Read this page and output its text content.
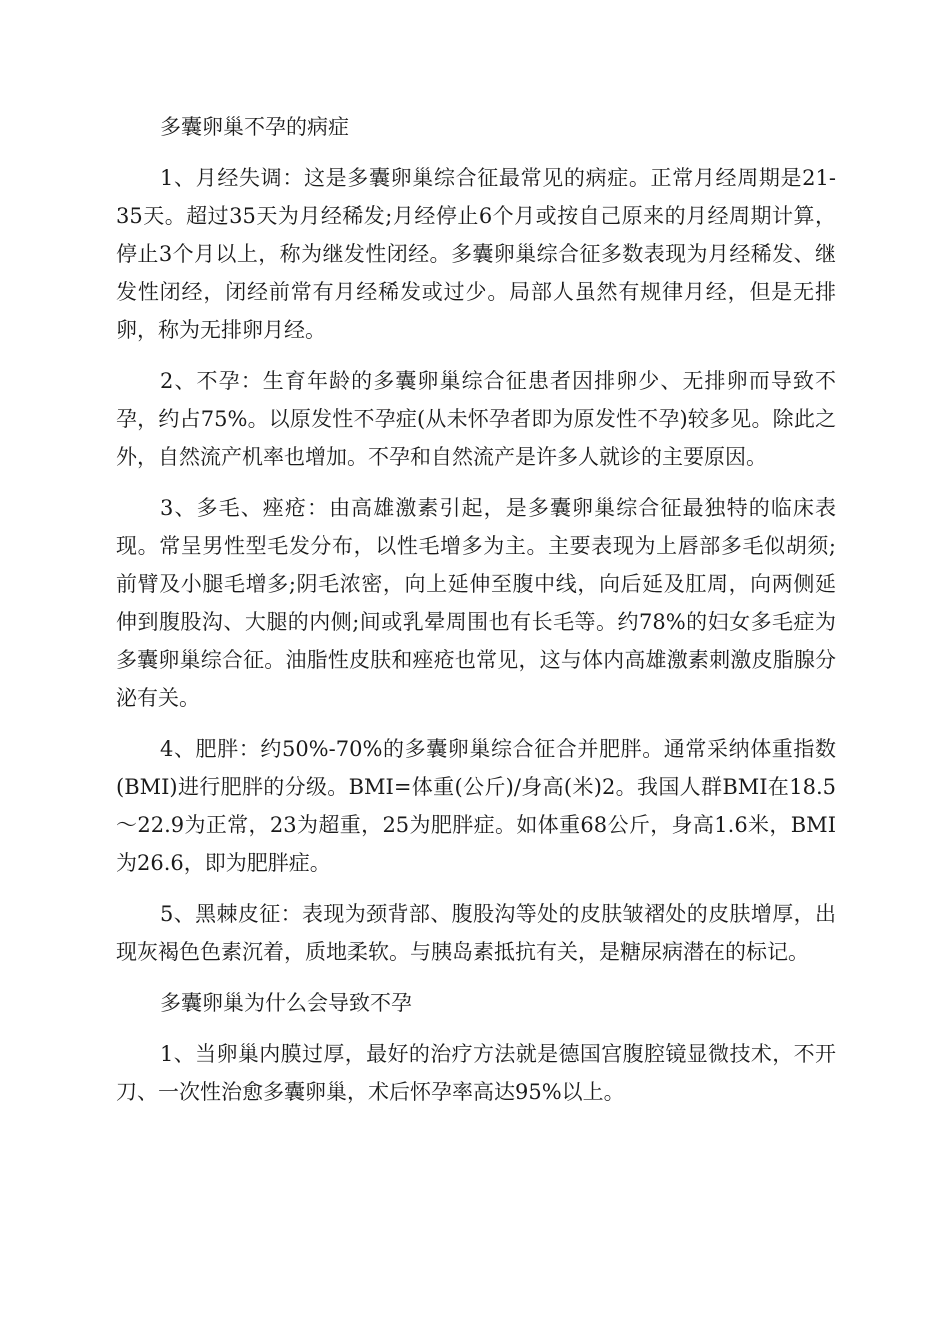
多囊卵巢不孕的病症

1、月经失调：这是多囊卵巢综合征最常见的病症。正常月经周期是21-35天。超过35天为月经稀发;月经停止6个月或按自己原来的月经周期计算，停止3个月以上，称为继发性闭经。多囊卵巢综合征多数表现为月经稀发、继发性闭经，闭经前常有月经稀发或过少。局部人虽然有规律月经，但是无排卵，称为无排卵月经。

2、不孕：生育年龄的多囊卵巢综合征患者因排卵少、无排卵而导致不孕，约占75%。以原发性不孕症(从未怀孕者即为原发性不孕)较多见。除此之外，自然流产机率也增加。不孕和自然流产是许多人就诊的主要原因。

3、多毛、痤疮：由高雄激素引起，是多囊卵巢综合征最独特的临床表现。常呈男性型毛发分布，以性毛增多为主。主要表现为上唇部多毛似胡须;前臂及小腿毛增多;阴毛浓密，向上延伸至腹中线，向后延及肛周，向两侧延伸到腹股沟、大腿的内侧;间或乳晕周围也有长毛等。约78%的妇女多毛症为多囊卵巢综合征。油脂性皮肤和痤疮也常见，这与体内高雄激素刺激皮脂腺分泌有关。

4、肥胖：约50%-70%的多囊卵巢综合征合并肥胖。通常采纳体重指数(BMI)进行肥胖的分级。BMI=体重(公斤)/身高(米)2。我国人群BMI在18.5～22.9为正常，23为超重，25为肥胖症。如体重68公斤，身高1.6米，BMI为26.6，即为肥胖症。

5、黑棘皮征：表现为颈背部、腹股沟等处的皮肤皱褶处的皮肤增厚，出现灰褐色色素沉着，质地柔软。与胰岛素抵抗有关，是糖尿病潜在的标记。

多囊卵巢为什么会导致不孕

1、当卵巢内膜过厚，最好的治疗方法就是德国宫腹腔镜显微技术，不开刀、一次性治愈多囊卵巢，术后怀孕率高达95%以上。
